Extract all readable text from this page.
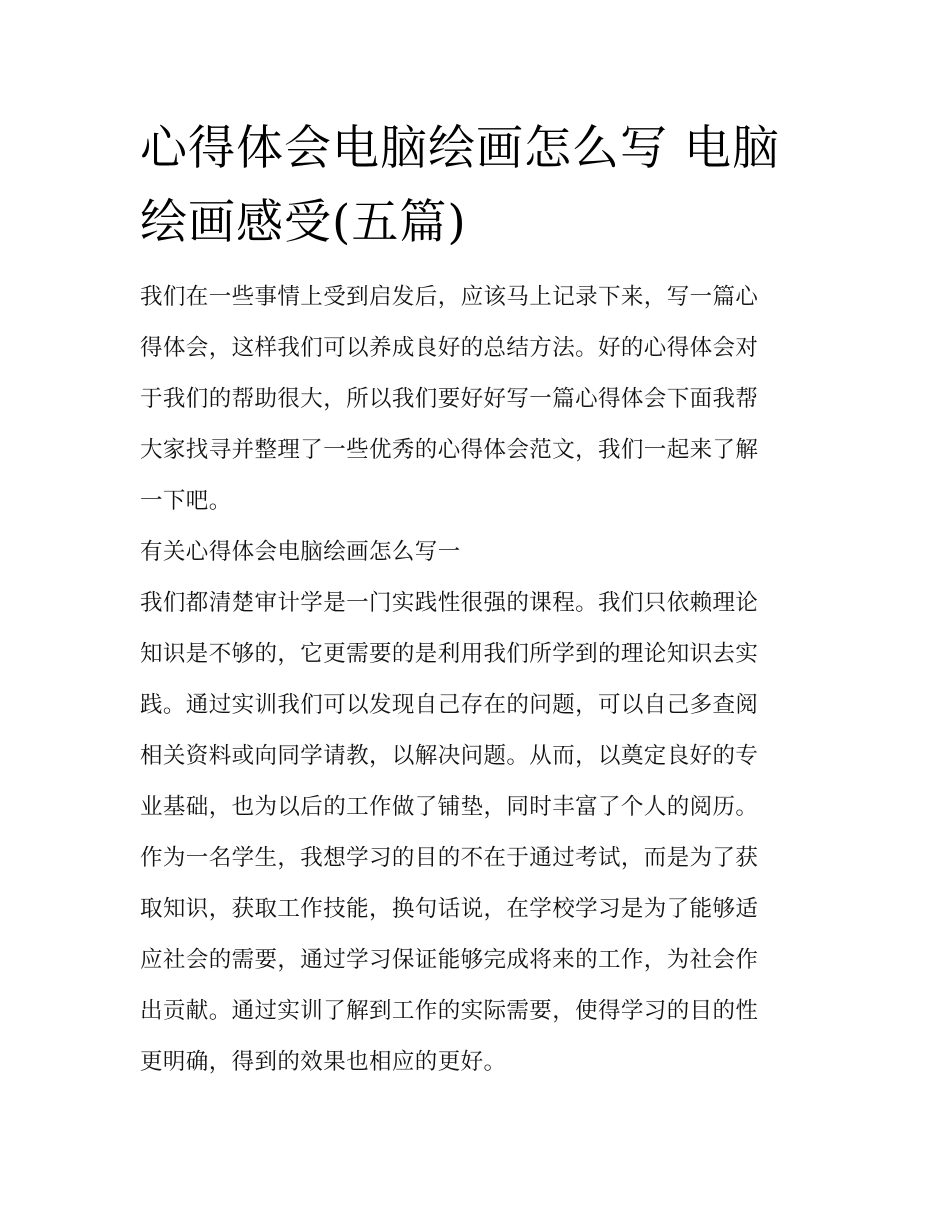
心得体会电脑绘画怎么写 电脑
绘画感受(五篇)
我们在一些事情上受到启发后，应该马上记录下来，写一篇心
得体会，这样我们可以养成良好的总结方法。好的心得体会对
于我们的帮助很大，所以我们要好好写一篇心得体会下面我帮
大家找寻并整理了一些优秀的心得体会范文，我们一起来了解
一下吧。
有关心得体会电脑绘画怎么写一
我们都清楚审计学是一门实践性很强的课程。我们只依赖理论
知识是不够的，它更需要的是利用我们所学到的理论知识去实
践。通过实训我们可以发现自己存在的问题，可以自己多查阅
相关资料或向同学请教，以解决问题。从而，以奠定良好的专
业基础，也为以后的工作做了铺垫，同时丰富了个人的阅历。
作为一名学生，我想学习的目的不在于通过考试，而是为了获
取知识，获取工作技能，换句话说，在学校学习是为了能够适
应社会的需要，通过学习保证能够完成将来的工作，为社会作
出贡献。通过实训了解到工作的实际需要，使得学习的目的性
更明确，得到的效果也相应的更好。
